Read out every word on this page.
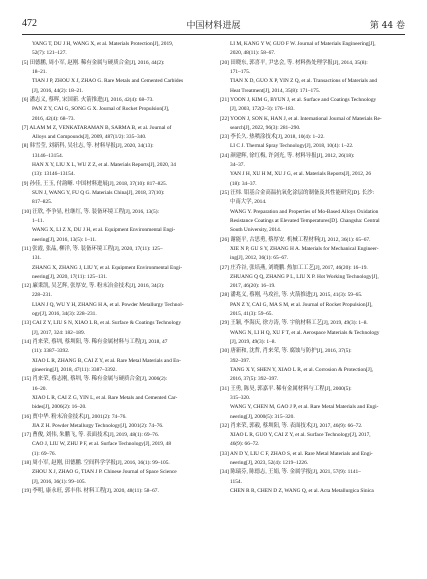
472	中国材料进展	第 44 卷
YANG T, DU J H, WANG X, et al. Materials Protection[J], 2019,
52(7): 121–127.
[5] 田德鹏, 周小军, 赵刚. 稀有金属与硬质合金[J], 2016, 44(2):
18–21.
TIAN J P, ZHOU X J, ZHAO G. Rare Metals and Cemented Carbides
[J], 2016, 44(2): 18–21.
[6] 潘志义, 蔡晖, 宋国新. 火箭推进[J], 2016, 42(4): 68–73.
PAN Z Y, CAI G, SONG G X. Journal of Rocket Propulsion[J],
2016, 42(4): 68–73.
[7] ALAM M Z, VENKATARAMAN B, SARMA B, et al. Journal of
Alloys and Compounds[J], 2009, 487(1/2): 335–340.
[8] 韩雪莹, 刘新科, 吴壮志, 等. 材料导报[J], 2020, 34(13):
13146–13154.
HAN X Y, LIU X L, WU Z Z, et al. Materials Reports[J], 2020, 34
(13): 13146–13154.
[9] 孙佳, 王玉, 付韵晰. 中国材料进展[J], 2018, 37(10): 817–825.
SUN J, WANG Y, FU Q G. Materials China[J], 2018, 37(10):
817–825.
[10] 汪欣, 李争显, 杜继红, 等. 装备环境工程[J], 2016, 13(5):
1–11.
WANG X, LI Z X, DU J H, et al. Equipment Environmental Engi-
neering[J], 2016, 13(5): 1–11.
[11] 张霞, 张晶, 柳洋, 等. 装备环境工程[J], 2020, 17(11): 125–
131.
ZHANG X, ZHANG J, LIU Y, et al. Equipment Environmental Engi-
neering[J], 2020, 17(11): 125–131.
[12] 廉秉凯, 吴艺辉, 张厚安, 等. 粉末冶金技术[J], 2016, 34(3):
228–231.
LIAN J Q, WU Y H, ZHANG H A, et al. Powder Metallurgy Technol-
ogy[J], 2016, 34(3): 228–231.
[13] CAI Z Y, LIU S N, XIAO L R, et al. Surface & Coatings Technology
[J], 2017, 324: 182–189.
[14] 肖来荣, 蔡圳, 蔡圳阳, 等. 稀有金属材料与工程[J], 2018, 47
(11): 3387–3392.
XIAO L R, ZHANG B, CAI Z Y, et al. Rare Metal Materials and En-
gineering[J], 2018, 47(11): 3387–3392.
[15] 肖来荣, 蔡志刚, 蔡圳, 等. 稀有金属与硬质合金[J], 2006(2):
16–20.
XIAO L R, CAI Z G, YIN L, et al. Rare Metals and Cemented Car-
bides[J], 2006(2): 16–20.
[16] 贾中华. 粉末冶金技术[J], 2001(2): 74–76.
JIA Z H. Powder Metallurgy Technology[J], 2001(2): 74–76.
[17] 曹俊, 刘伟, 朱鹏飞, 等. 表面技术[J], 2019, 48(1): 69–76.
CAO J, LIU W, ZHU P F, et al. Surface Technology[J], 2019, 48
(1): 69–76.
[18] 周小军, 赵刚, 田德鹏. 空间科学学报[J], 2016, 36(1): 99–105.
ZHOU X J, ZHAO G, TIAN J P. Chinese Journal of Space Science
[J], 2016, 36(1): 99–105.
[19] 李明, 康永旺, 郭丰伟. 材料工程[J], 2020, 48(11): 58–67.
LI M, KANG Y W, GUO F W. Journal of Materials Engineering[J],
2020, 48(11): 58–67.
[20] 田晓东, 郭喜平, 尹忠会, 等. 材料热处理学报[J], 2014, 35(8):
171–175.
TIAN X D, GUO X P, YIN Z Q, et al. Transactions of Materials and
Heat Treatment[J], 2014, 35(8): 171–175.
[21] YOON J, KIM G, BYUN J, et al. Surface and Coatings Technology
[J], 2003, 172(2–3): 176–183.
[22] YOON J, SON K, HAN J, et al. International Journal of Materials Re-
search[J], 2022, 96(3): 281–290.
[23] 李长久. 热喷涂技术[J], 2018, 10(4): 1–22.
LI C J. Thermal Spray Technology[J], 2018, 10(4): 1–22.
[24] 颜建辉, 徐红梅, 许剑光, 等. 材料导报[J], 2012, 26(18):
34–37.
YAN J H, XU H M, XU J G, et al. Materials Reports[J], 2012, 26
(18): 34–37.
[25] 汪炜. 钼基合金高温抗氧化涂层的制备及其性能研究[D]. 长沙:
中南大学, 2014.
WANG Y. Preparation and Properties of Mo-Based Alloys Oxidation
Resistance Coatings at Elevated Temperatures[D]. Changsha: Central
South University, 2014.
[26] 谢能平, 古思勇, 蔡厚安. 机械工程材料[J], 2012, 36(1): 65–67.
XIE N P, GU S Y, ZHANG H A. Materials for Mechanical Engineer-
ing[J], 2012, 36(1): 65–67.
[27] 庄乔谷, 张培燕, 刘晓鹏. 热加工工艺[J], 2017, 46(20): 16–19.
ZHUANG Q Q, ZHANG P L, LIU X P. Hot Working Technology[J],
2017, 46(20): 16–19.
[28] 潘兆义, 蔡刚, 马攻社, 等. 火箭推进[J], 2015, 41(3): 59–65.
PAN Z Y, CAI G, MA S M, et al. Journal of Rocket Propulsion[J],
2015, 41(3): 59–65.
[29] 王颖, 李海庆, 徐方涛, 等. 宇航材料工艺[J], 2019, 49(3): 1–8.
WANG N, LI H Q, XU F T, et al. Aerospace Materials & Technology
[J], 2019, 49(3): 1–8.
[30] 唐新和, 沈哲, 肖来荣, 等. 腐蚀与防护[J], 2016, 37(5):
392–397.
TANG X Y, SHEN Y, XIAO L R, et al. Corrosion & Protection[J],
2016, 37(5): 392–397.
[31] 王勇, 陈昊, 郭嘉平. 稀有金属材料与工程[J], 2000(5):
315–320.
WANG Y, CHEN M, GAO J P, et al. Rare Metal Materials and Engi-
neering[J], 2000(5): 315–320.
[32] 肖来荣, 郭毅, 蔡圳阳, 等. 表面技术[J], 2017, 46(9): 66–72.
XIAO L R, GUO Y, CAI Z Y, et al. Surface Technology[J], 2017,
46(9): 66–72.
[33] AN D Y, LIU C F, ZHAO S, et al. Rare Metal Materials and Engi-
neering[J], 2023, 52(4): 1219–1226.
[34] 陈瑞芬, 陈德志, 王娟, 等. 金属学报[J], 2021, 57(9): 1141–
1154.
CHEN R R, CHEN D Z, WANG Q, et al. Acta Metallurgica Sinica
